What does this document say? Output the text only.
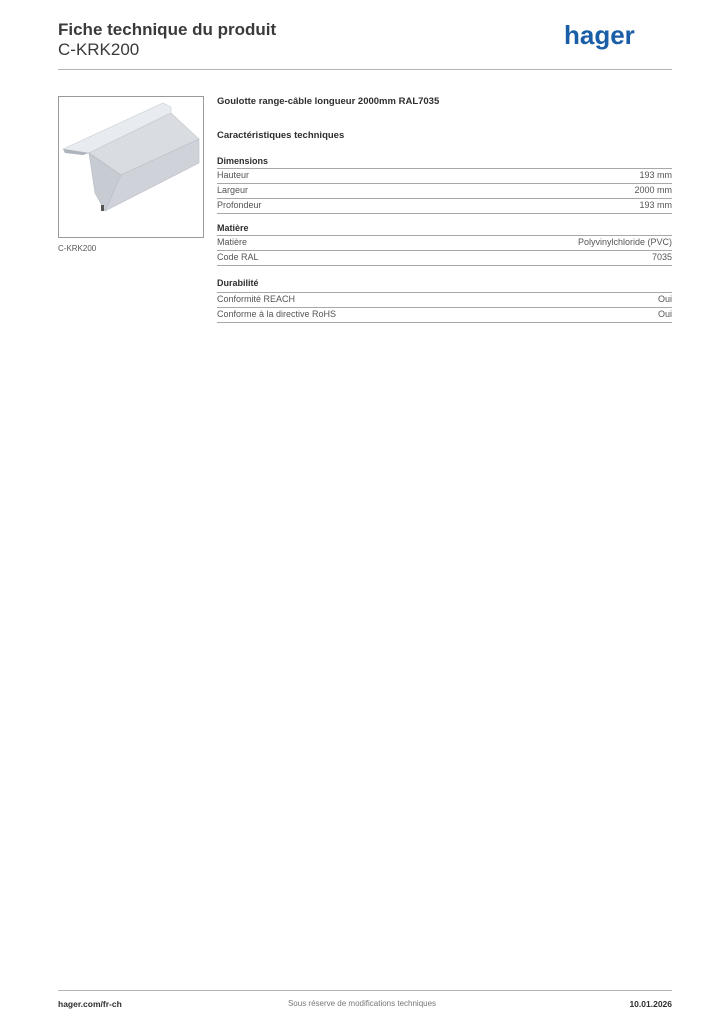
Fiche technique du produit
C-KRK200	hager
C-KRK200
Goulotte range-câble longueur 2000mm RAL7035
Caractéristiques techniques
Dimensions
Hauteur	193 mm
Largeur	2000 mm
Profondeur	193 mm
Matière
Matière	Polyvinylchloride (PVC)
Code RAL	7035
Durabilité
Conformité REACH	Oui
Conforme à la directive RoHS	Oui
hager.com/fr-ch	Sous réserve de modifications techniques	10.01.2026
